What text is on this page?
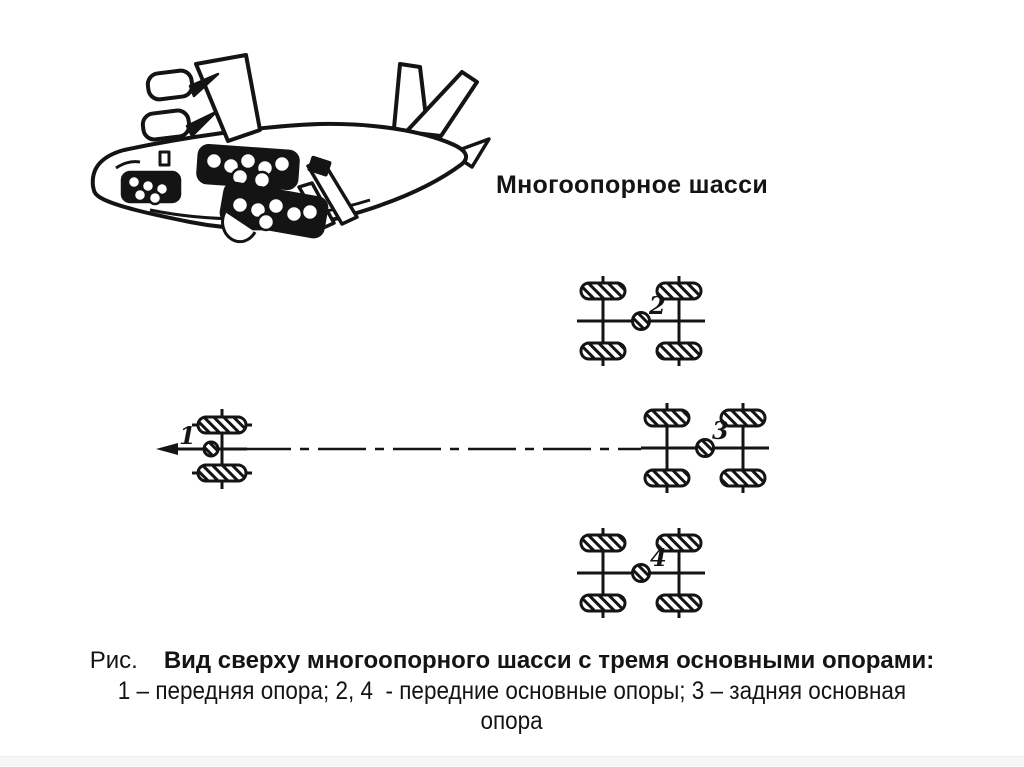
1
2
3
4
Многоопорное шасси
Рис. Вид сверху многоопорного шасси с тремя основными опорами:
1 – передняя опора; 2, 4  - передние основные опоры; 3 – задняя основная
опора
